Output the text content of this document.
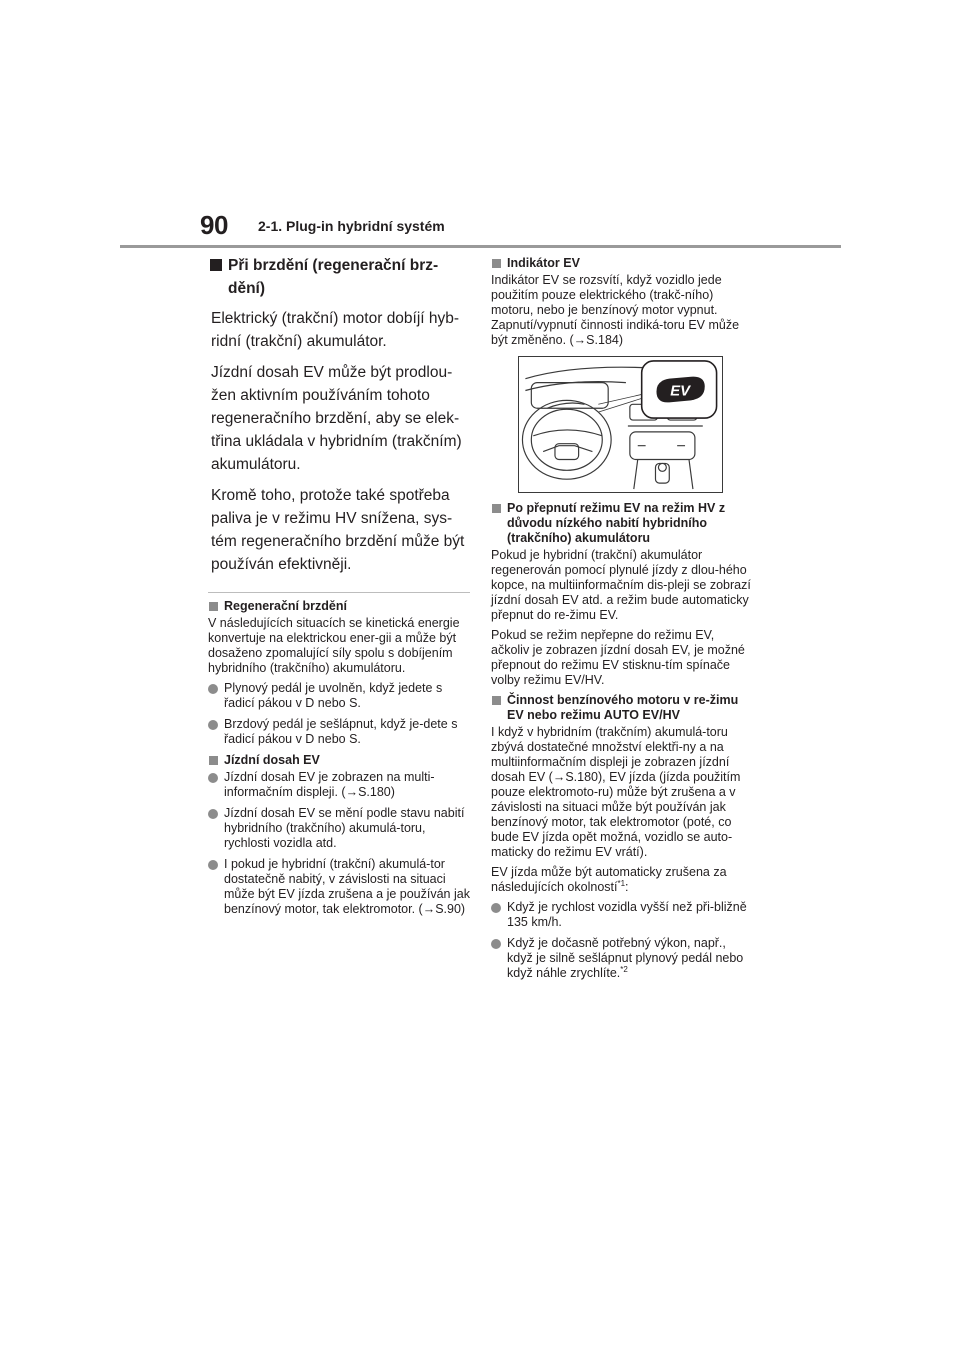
90 2-1. Plug-in hybridní systém
Při brzdění (regenerační brz-dění)

Elektrický (trakční) motor dobíjí hyb-ridní (trakční) akumulátor.

Jízdní dosah EV může být prodlou-žen aktivním používáním tohoto regeneračního brzdění, aby se elek-třina ukládala v hybridním (trakčním) akumulátoru.

Kromě toho, protože také spotřeba paliva je v režimu HV snížena, sys-tém regeneračního brzdění může být používán efektivněji.

Regenerační brzdění

V následujících situacích se kinetická energie konvertuje na elektrickou ener-gii a může být dosaženo zpomalující síly spolu s dobíjením hybridního (trakčního) akumulátoru.

Plynový pedál je uvolněn, když jedete s řadicí pákou v D nebo S.
Brzdový pedál je sešlápnut, když je-dete s řadicí pákou v D nebo S.
Jízdní dosah EV
Jízdní dosah EV je zobrazen na multi-informačním displeji. (→S.180)
Jízdní dosah EV se mění podle stavu nabití hybridního (trakčního) akumulá-toru, rychlosti vozidla atd.
I pokud je hybridní (trakční) akumulá-tor dostatečně nabitý, v závislosti na situaci může být EV jízda zrušena a je používán jak benzínový motor, tak elektromotor. (→S.90)
Indikátor EV

Indikátor EV se rozsvítí, když vozidlo jede použitím pouze elektrického (trakč-ního) motoru, nebo je benzínový motor vypnut. Zapnutí/vypnutí činnosti indiká-toru EV může být změněno. (→S.184)

EV
Po přepnutí režimu EV na režim HV z důvodu nízkého nabití hybridního (trakčního) akumulátoru

Pokud je hybridní (trakční) akumulátor regenerován pomocí plynulé jízdy z dlou-hého kopce, na multiinformačním dis-pleji se zobrazí jízdní dosah EV atd. a režim bude automaticky přepnut do re-žimu EV.

Pokud se režim nepřepne do režimu EV, ačkoliv je zobrazen jízdní dosah EV, je možné přepnout do režimu EV stisknu-tím spínače volby režimu EV/HV.

Činnost benzínového motoru v re-žimu EV nebo režimu AUTO EV/HV

I když v hybridním (trakčním) akumulá-toru zbývá dostatečné množství elektři-ny a na multiinformačním displeji je zobrazen jízdní dosah EV (→S.180), EV jízda (jízda použitím pouze elektromoto-ru) může být zrušena a v závislosti na situaci může být používán jak benzínový motor, tak elektromotor (poté, co bude EV jízda opět možná, vozidlo se auto-maticky do režimu EV vrátí).

EV jízda může být automaticky zrušena za následujících okolností$^{*1}$:

Když je rychlost vozidla vyšší než při-bližně 135 km/h.
Když je dočasně potřebný výkon, např., když je silně sešlápnut plynový pedál nebo když náhle zrychlíte.$^{*2}$
